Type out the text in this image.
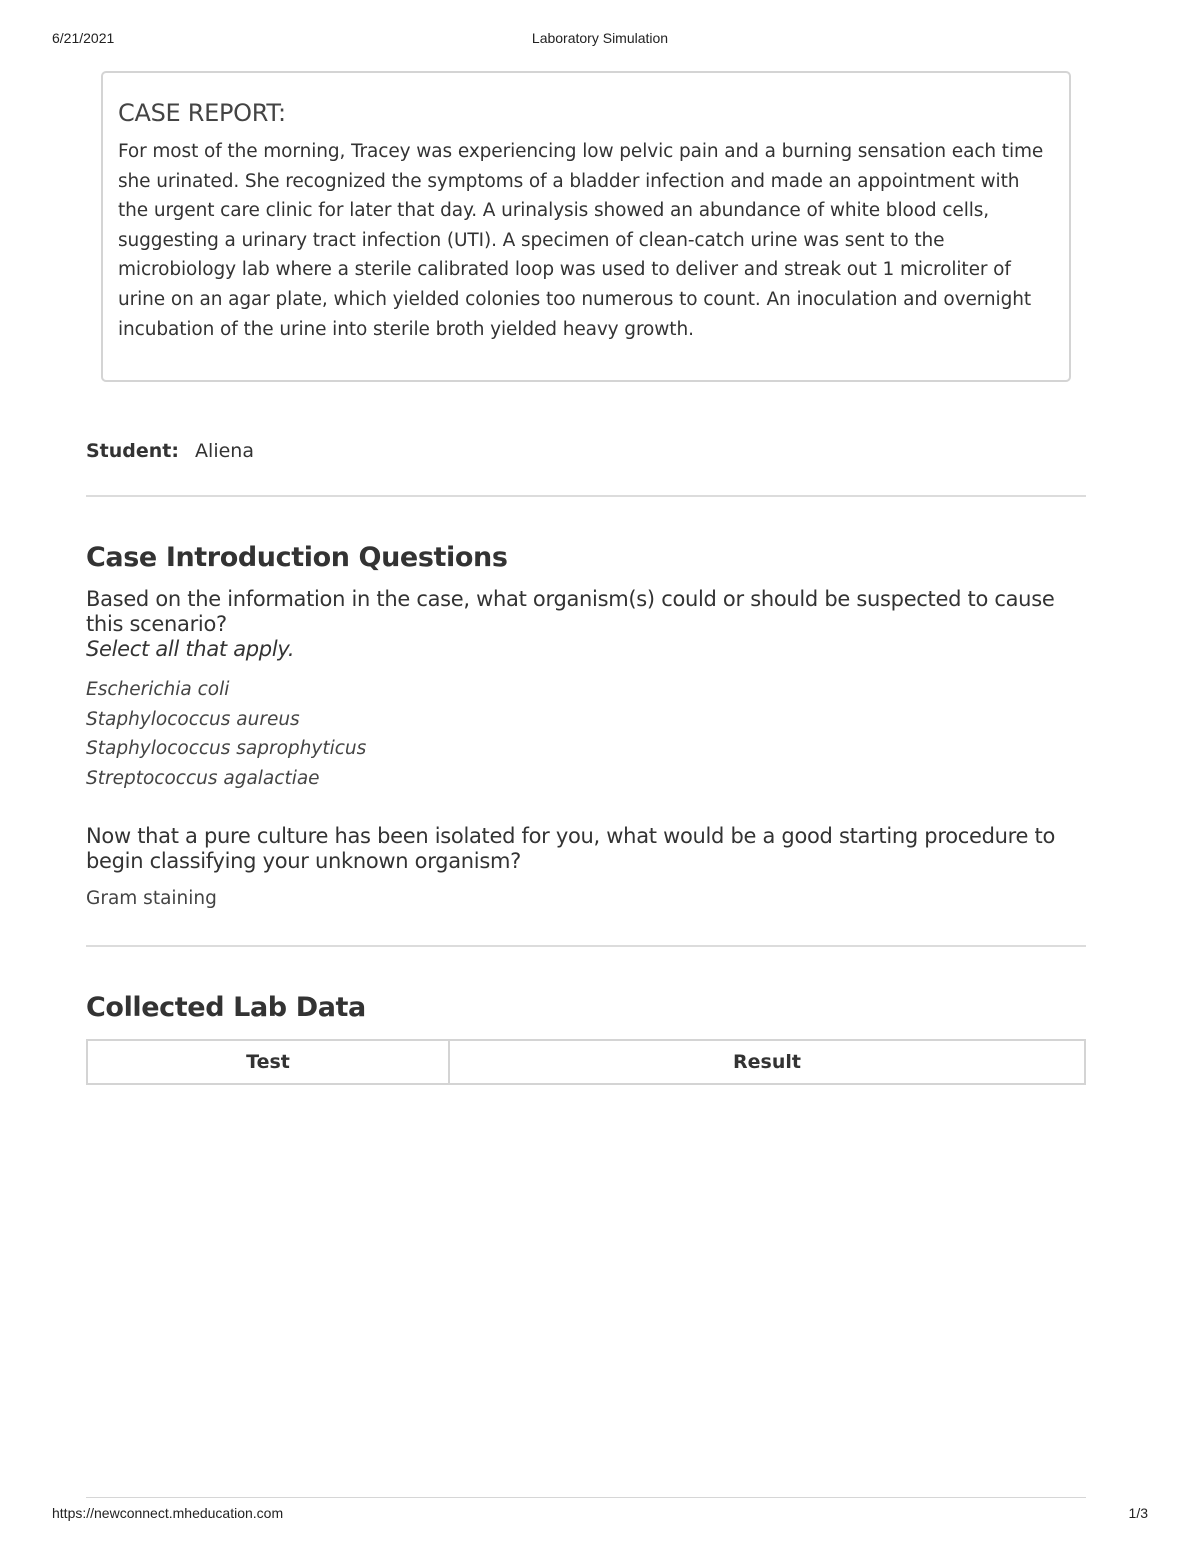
6/21/2021	Laboratory Simulation
CASE REPORT:
For most of the morning, Tracey was experiencing low pelvic pain and a burning sensation each time she urinated. She recognized the symptoms of a bladder infection and made an appointment with the urgent care clinic for later that day. A urinalysis showed an abundance of white blood cells, suggesting a urinary tract infection (UTI). A specimen of clean-catch urine was sent to the microbiology lab where a sterile calibrated loop was used to deliver and streak out 1 microliter of urine on an agar plate, which yielded colonies too numerous to count. An inoculation and overnight incubation of the urine into sterile broth yielded heavy growth.
Student: Aliena
Case Introduction Questions
Based on the information in the case, what organism(s) could or should be suspected to cause this scenario?
Select all that apply.
Escherichia coli
Staphylococcus aureus
Staphylococcus saprophyticus
Streptococcus agalactiae
Now that a pure culture has been isolated for you, what would be a good starting procedure to begin classifying your unknown organism?
Gram staining
Collected Lab Data
Test	Result
https://newconnect.mheducation.com	1/3
